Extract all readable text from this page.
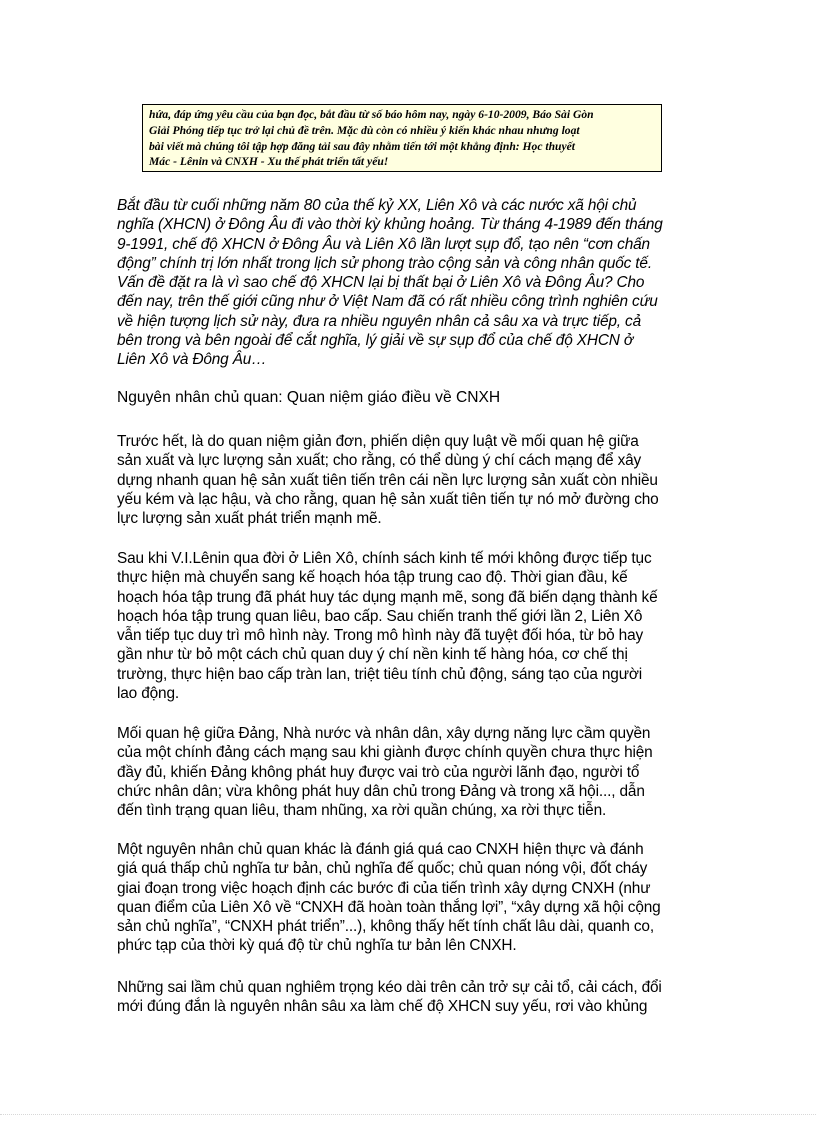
hứa, đáp ứng yêu cầu của bạn đọc, bắt đầu từ số báo hôm nay, ngày 6-10-2009, Báo Sài Gòn
Giải Phóng tiếp tục trở lại chủ đề trên. Mặc dù còn có nhiều ý kiến khác nhau nhưng loạt
bài viết mà chúng tôi tập hợp đăng tải sau đây nhằm tiến tới một khẳng định: Học thuyết
Mác - Lênin và CNXH - Xu thế phát triển tất yếu!
Bắt đầu từ cuối những năm 80 của thế kỷ XX, Liên Xô và các nước xã hội chủ
nghĩa (XHCN) ở Đông Âu đi vào thời kỳ khủng hoảng. Từ tháng 4-1989 đến tháng
9-1991, chế độ XHCN ở Đông Âu và Liên Xô lần lượt sụp đổ, tạo nên “cơn chấn
động” chính trị lớn nhất trong lịch sử phong trào cộng sản và công nhân quốc tế.
Vấn đề đặt ra là vì sao chế độ XHCN lại bị thất bại ở Liên Xô và Đông Âu? Cho
đến nay, trên thế giới cũng như ở Việt Nam đã có rất nhiều công trình nghiên cứu
về hiện tượng lịch sử này, đưa ra nhiều nguyên nhân cả sâu xa và trực tiếp, cả
bên trong và bên ngoài để cắt nghĩa, lý giải về sự sụp đổ của chế độ XHCN ở
Liên Xô và Đông Âu…
Nguyên nhân chủ quan: Quan niệm giáo điều về CNXH
Trước hết, là do quan niệm giản đơn, phiến diện quy luật về mối quan hệ giữa
sản xuất và lực lượng sản xuất; cho rằng, có thể dùng ý chí cách mạng để xây
dựng nhanh quan hệ sản xuất tiên tiến trên cái nền lực lượng sản xuất còn nhiều
yếu kém và lạc hậu, và cho rằng, quan hệ sản xuất tiên tiến tự nó mở đường cho
lực lượng sản xuất phát triển mạnh mẽ.
Sau khi V.I.Lênin qua đời ở Liên Xô, chính sách kinh tế mới không được tiếp tục
thực hiện mà chuyển sang kế hoạch hóa tập trung cao độ. Thời gian đầu, kế
hoạch hóa tập trung đã phát huy tác dụng mạnh mẽ, song đã biến dạng thành kế
hoạch hóa tập trung quan liêu, bao cấp. Sau chiến tranh thế giới lần 2, Liên Xô
vẫn tiếp tục duy trì mô hình này. Trong mô hình này đã tuyệt đối hóa, từ bỏ hay
gần như từ bỏ một cách chủ quan duy ý chí nền kinh tế hàng hóa, cơ chế thị
trường, thực hiện bao cấp tràn lan, triệt tiêu tính chủ động, sáng tạo của người
lao động.
Mối quan hệ giữa Đảng, Nhà nước và nhân dân, xây dựng năng lực cầm quyền
của một chính đảng cách mạng sau khi giành được chính quyền chưa thực hiện
đầy đủ, khiến Đảng không phát huy được vai trò của người lãnh đạo, người tổ
chức nhân dân; vừa không phát huy dân chủ trong Đảng và trong xã hội..., dẫn
đến tình trạng quan liêu, tham nhũng, xa rời quần chúng, xa rời thực tiễn.
Một nguyên nhân chủ quan khác là đánh giá quá cao CNXH hiện thực và đánh
giá quá thấp chủ nghĩa tư bản, chủ nghĩa đế quốc; chủ quan nóng vội, đốt cháy
giai đoạn trong việc hoạch định các bước đi của tiến trình xây dựng CNXH (như
quan điểm của Liên Xô về “CNXH đã hoàn toàn thắng lợi”, “xây dựng xã hội cộng
sản chủ nghĩa”, “CNXH phát triển”...), không thấy hết tính chất lâu dài, quanh co,
phức tạp của thời kỳ quá độ từ chủ nghĩa tư bản lên CNXH.
Những sai lầm chủ quan nghiêm trọng kéo dài trên cản trở sự cải tổ, cải cách, đổi
mới đúng đắn là nguyên nhân sâu xa làm chế độ XHCN suy yếu, rơi vào khủng
